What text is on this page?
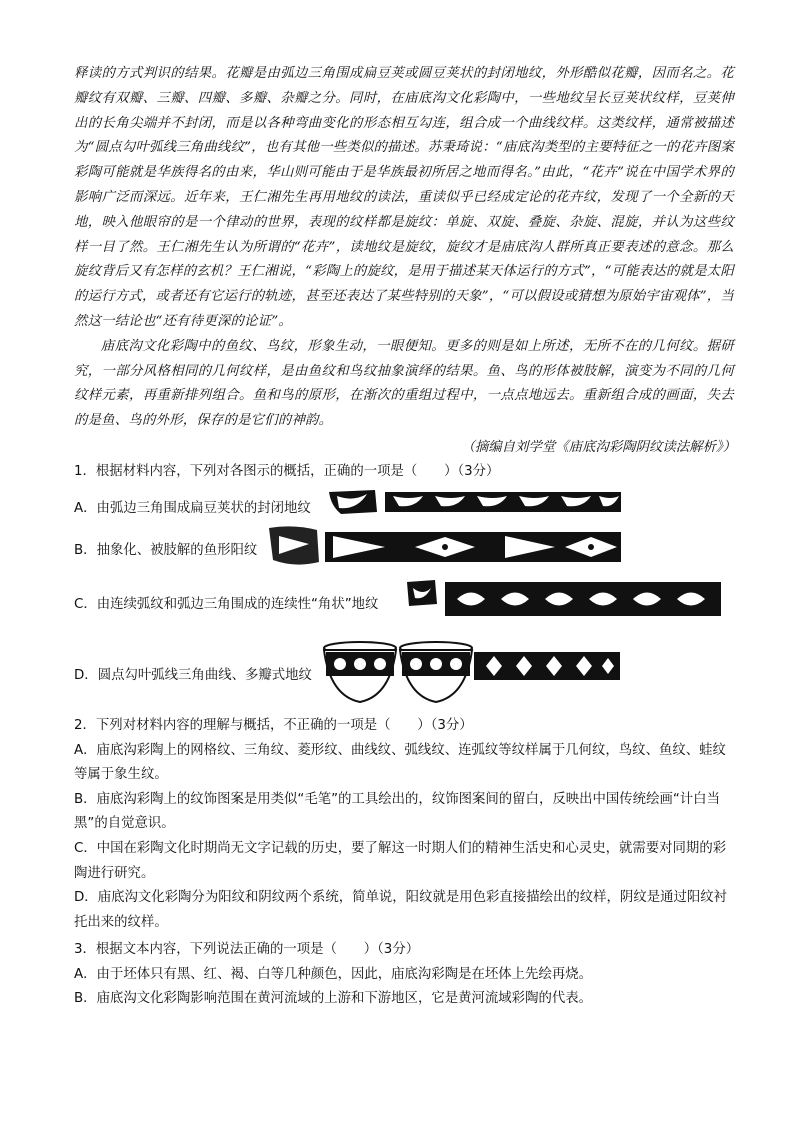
释读的方式判识的结果。花瓣是由弧边三角围成扁豆荚或圆豆荚状的封闭地纹，外形酷似花瓣，因而名之。花瓣纹有双瓣、三瓣、四瓣、多瓣、杂瓣之分。同时，在庙底沟文化彩陶中，一些地纹呈长豆荚状纹样，豆荚伸出的长角尖端并不封闭，而是以各种弯曲变化的形态相互勾连，组合成一个曲线纹样。这类纹样，通常被描述为“圆点勾叶弧线三角曲线纹”，也有其他一些类似的描述。苏秉琦说：“庙底沟类型的主要特征之一的花卉图案彩陶可能就是华族得名的由来，华山则可能由于是华族最初所居之地而得名。”由此，“花卉”说在中国学术界的影响广泛而深远。近年来，王仁湘先生再用地纹的读法，重读似乎已经成定论的花卉纹，发现了一个全新的天地，映入他眼帘的是一个律动的世界，表现的纹样都是旋纹：单旋、双旋、叠旋、杂旋、混旋，并认为这些纹样一目了然。王仁湘先生认为所谓的“花卉”，读地纹是旋纹，旋纹才是庙底沟人群所真正要表述的意念。那么旋纹背后又有怎样的玄机？王仁湘说，“彩陶上的旋纹，是用于描述某天体运行的方式”，“可能表达的就是太阳的运行方式，或者还有它运行的轨迹，甚至还表达了某些特别的天象”，“可以假设或猜想为原始宇宙观体”，当然这一结论也“还有待更深的论证”。

庙底沟文化彩陶中的鱼纹、鸟纹，形象生动，一眼便知。更多的则是如上所述，无所不在的几何纹。据研究，一部分风格相同的几何纹样，是由鱼纹和鸟纹抽象演绎的结果。鱼、鸟的形体被肢解，演变为不同的几何纹样元素，再重新排列组合。鱼和鸟的原形，在渐次的重组过程中，一点点地远去。重新组合成的画面，失去的是鱼、鸟的外形，保存的是它们的神韵。

（摘编自刘学堂《庙底沟彩陶阴纹读法解析》）
1．根据材料内容，下列对各图示的概括，正确的一项是（　　）（3分）
A．由弧边三角围成扁豆荚状的封闭地纹
B．抽象化、被肢解的鱼形阳纹
C．由连续弧纹和弧边三角围成的连续性“角状”地纹
D．圆点勾叶弧线三角曲线、多瓣式地纹

2．下列对材料内容的理解与概括，不正确的一项是（　　）（3分）

A．庙底沟彩陶上的网格纹、三角纹、菱形纹、曲线纹、弧线纹、连弧纹等纹样属于几何纹，鸟纹、鱼纹、蛙纹等属于象生纹。

B．庙底沟彩陶上的纹饰图案是用类似“毛笔”的工具绘出的，纹饰图案间的留白，反映出中国传统绘画“计白当黑”的自觉意识。

C．中国在彩陶文化时期尚无文字记载的历史，要了解这一时期人们的精神生活史和心灵史，就需要对同期的彩陶进行研究。

D．庙底沟文化彩陶分为阳纹和阴纹两个系统，简单说，阳纹就是用色彩直接描绘出的纹样，阴纹是通过阳纹衬托出来的纹样。

3．根据文本内容，下列说法正确的一项是（　　）（3分）

A．由于坯体只有黑、红、褐、白等几种颜色，因此，庙底沟彩陶是在坯体上先绘再烧。

B．庙底沟文化彩陶影响范围在黄河流域的上游和下游地区，它是黄河流域彩陶的代表。
